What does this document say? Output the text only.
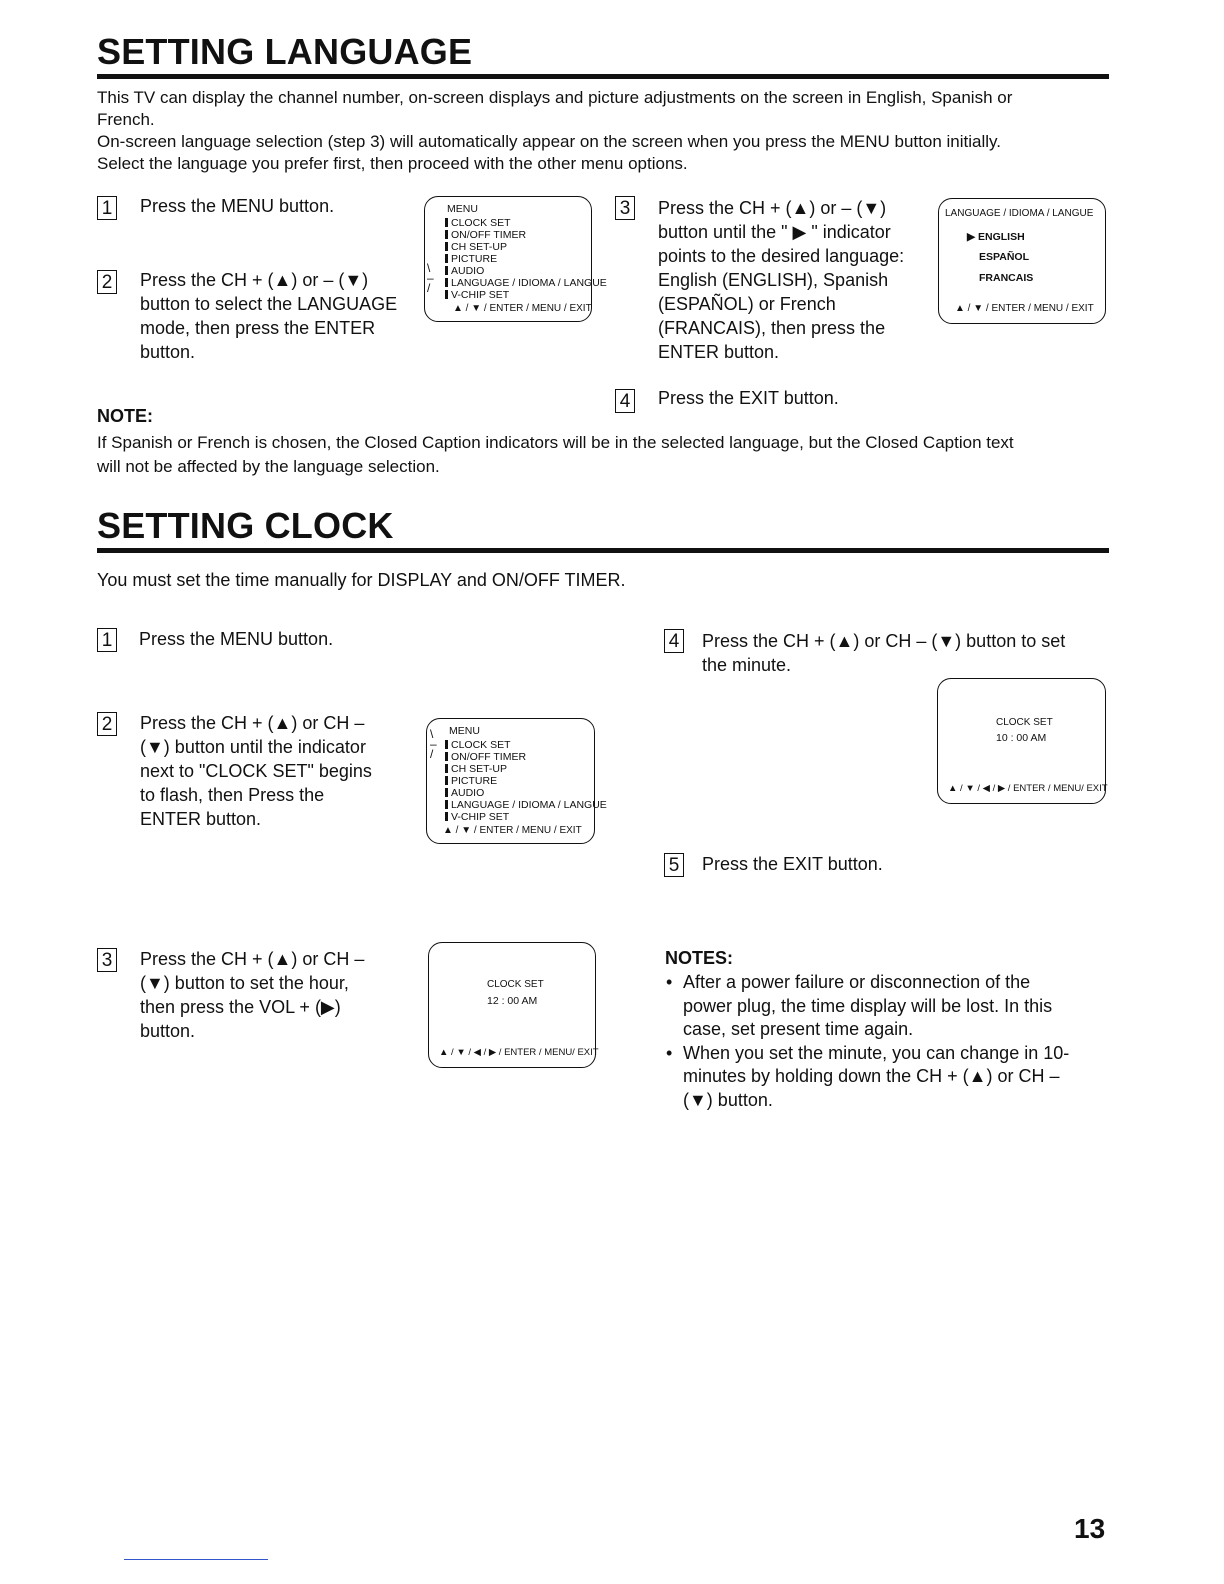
SETTING LANGUAGE
This TV can display the channel number, on-screen displays and picture adjustments on the screen in English, Spanish or
French.
On-screen language selection (step 3) will automatically appear on the screen when you press the MENU button initially.
Select the language you prefer first, then proceed with the other menu options.
1 Press the MENU button.
2 Press the CH + (▲) or – (▼)
button to select the LANGUAGE
mode, then press the ENTER
button.
MENU
CLOCK SET
ON/OFF TIMER
CH SET-UP
PICTURE
AUDIO
LANGUAGE / IDIOMA / LANGUE
V-CHIP SET
\
–
/
▲ / ▼ / ENTER / MENU / EXIT
3 Press the CH + (▲) or – (▼)
button until the " ▶ " indicator
points to the desired language:
English (ENGLISH), Spanish
(ESPAÑOL) or French
(FRANCAIS), then press the
ENTER button.
LANGUAGE / IDIOMA / LANGUE
▶ ENGLISH
ESPAÑOL
FRANCAIS
▲ / ▼ / ENTER / MENU / EXIT
4 Press the EXIT button.
NOTE:
If Spanish or French is chosen, the Closed Caption indicators will be in the selected language, but the Closed Caption text
will not be affected by the language selection.
SETTING CLOCK
You must set the time manually for DISPLAY and ON/OFF TIMER.
1 Press the MENU button.
2 Press the CH + (▲) or CH –
(▼) button until the indicator
next to "CLOCK SET" begins
to flash, then Press the
ENTER button.
MENU
CLOCK SET
ON/OFF TIMER
CH SET-UP
PICTURE
AUDIO
LANGUAGE / IDIOMA / LANGUE
V-CHIP SET
\
–
/
▲ / ▼ / ENTER / MENU / EXIT
3 Press the CH + (▲) or CH –
(▼) button to set the hour,
then press the VOL + (▶)
button.
CLOCK SET
12 : 00 AM
▲ / ▼ / ◀ / ▶ / ENTER / MENU/ EXIT
4 Press the CH + (▲) or CH – (▼) button to set
the minute.
CLOCK SET
10 : 00 AM
▲ / ▼ / ◀ / ▶ / ENTER / MENU/ EXIT
5 Press the EXIT button.
NOTES:
• After a power failure or disconnection of the
power plug, the time display will be lost. In this
case, set present time again.
• When you set the minute, you can change in 10-
minutes by holding down the CH + (▲) or CH –
(▼) button.
13
